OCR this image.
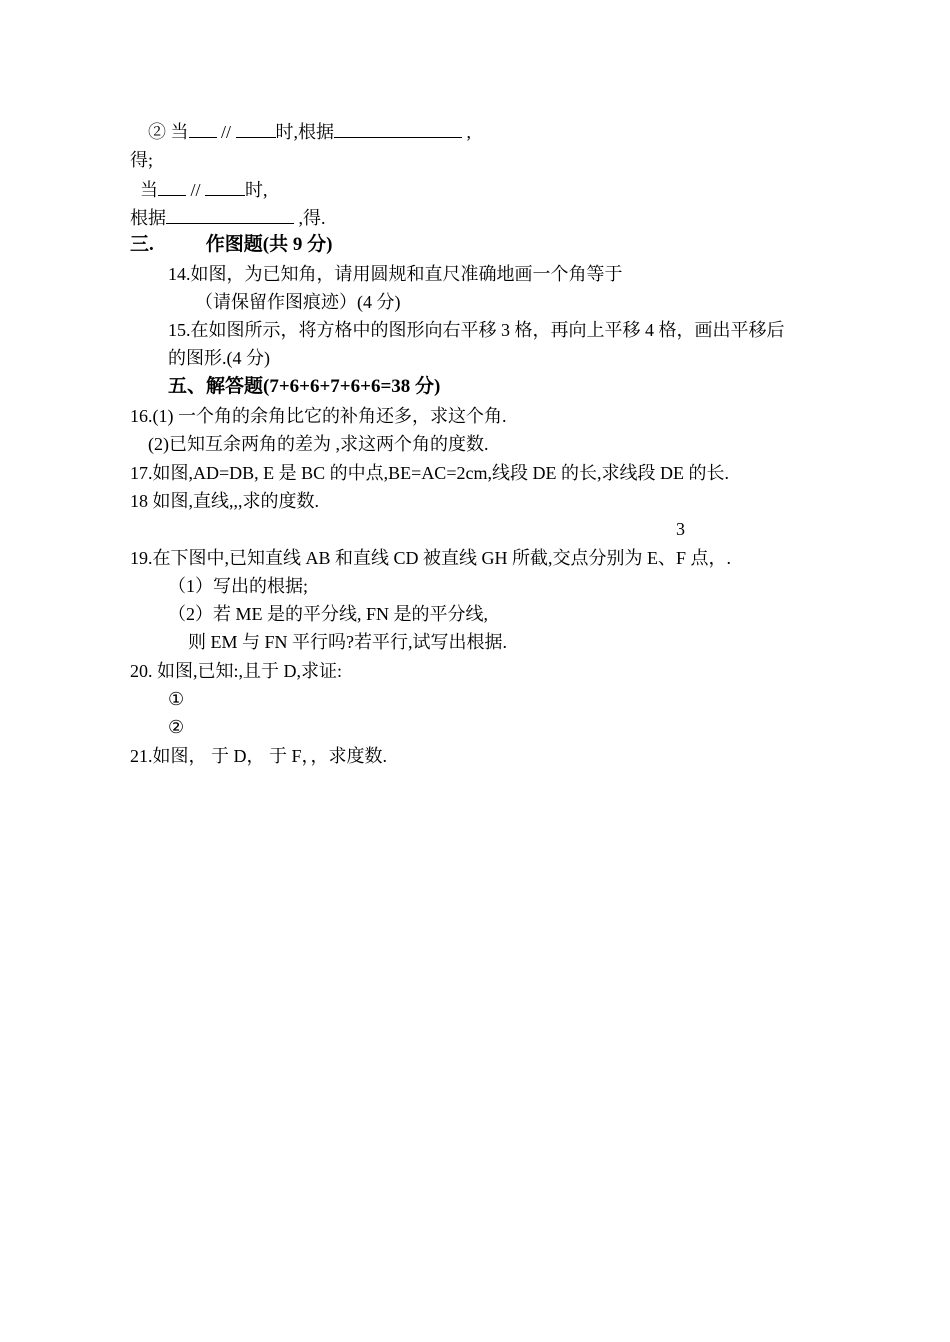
② 当 // 时,根据	,
得;
当 // 时,
根据	,得.
三.	作图题(共 9 分)
14.如图，为已知角，请用圆规和直尺准确地画一个角等于
（请保留作图痕迹）(4 分)
15.在如图所示，将方格中的图形向右平移 3 格，再向上平移 4 格，画出平移后
的图形.(4 分)
五、解答题(7+6+6+7+6+6=38 分)
16.(1) 一个角的余角比它的补角还多，求这个角.
(2)已知互余两角的差为 ,求这两个角的度数.
17.如图,AD=DB, E 是 BC 的中点,BE=AC=2cm,线段 DE 的长,求线段 DE 的长.
18 如图,直线,,,求的度数.
3
19.在下图中,已知直线 AB 和直线 CD 被直线 GH 所截,交点分别为 E、F 点，.
（1）写出的根据;
（2）若 ME 是的平分线, FN 是的平分线,
则 EM 与 FN 平行吗?若平行,试写出根据.
20. 如图,已知:,且于 D,求证:
①
②
21.如图， 于 D， 于 F，，求度数.
